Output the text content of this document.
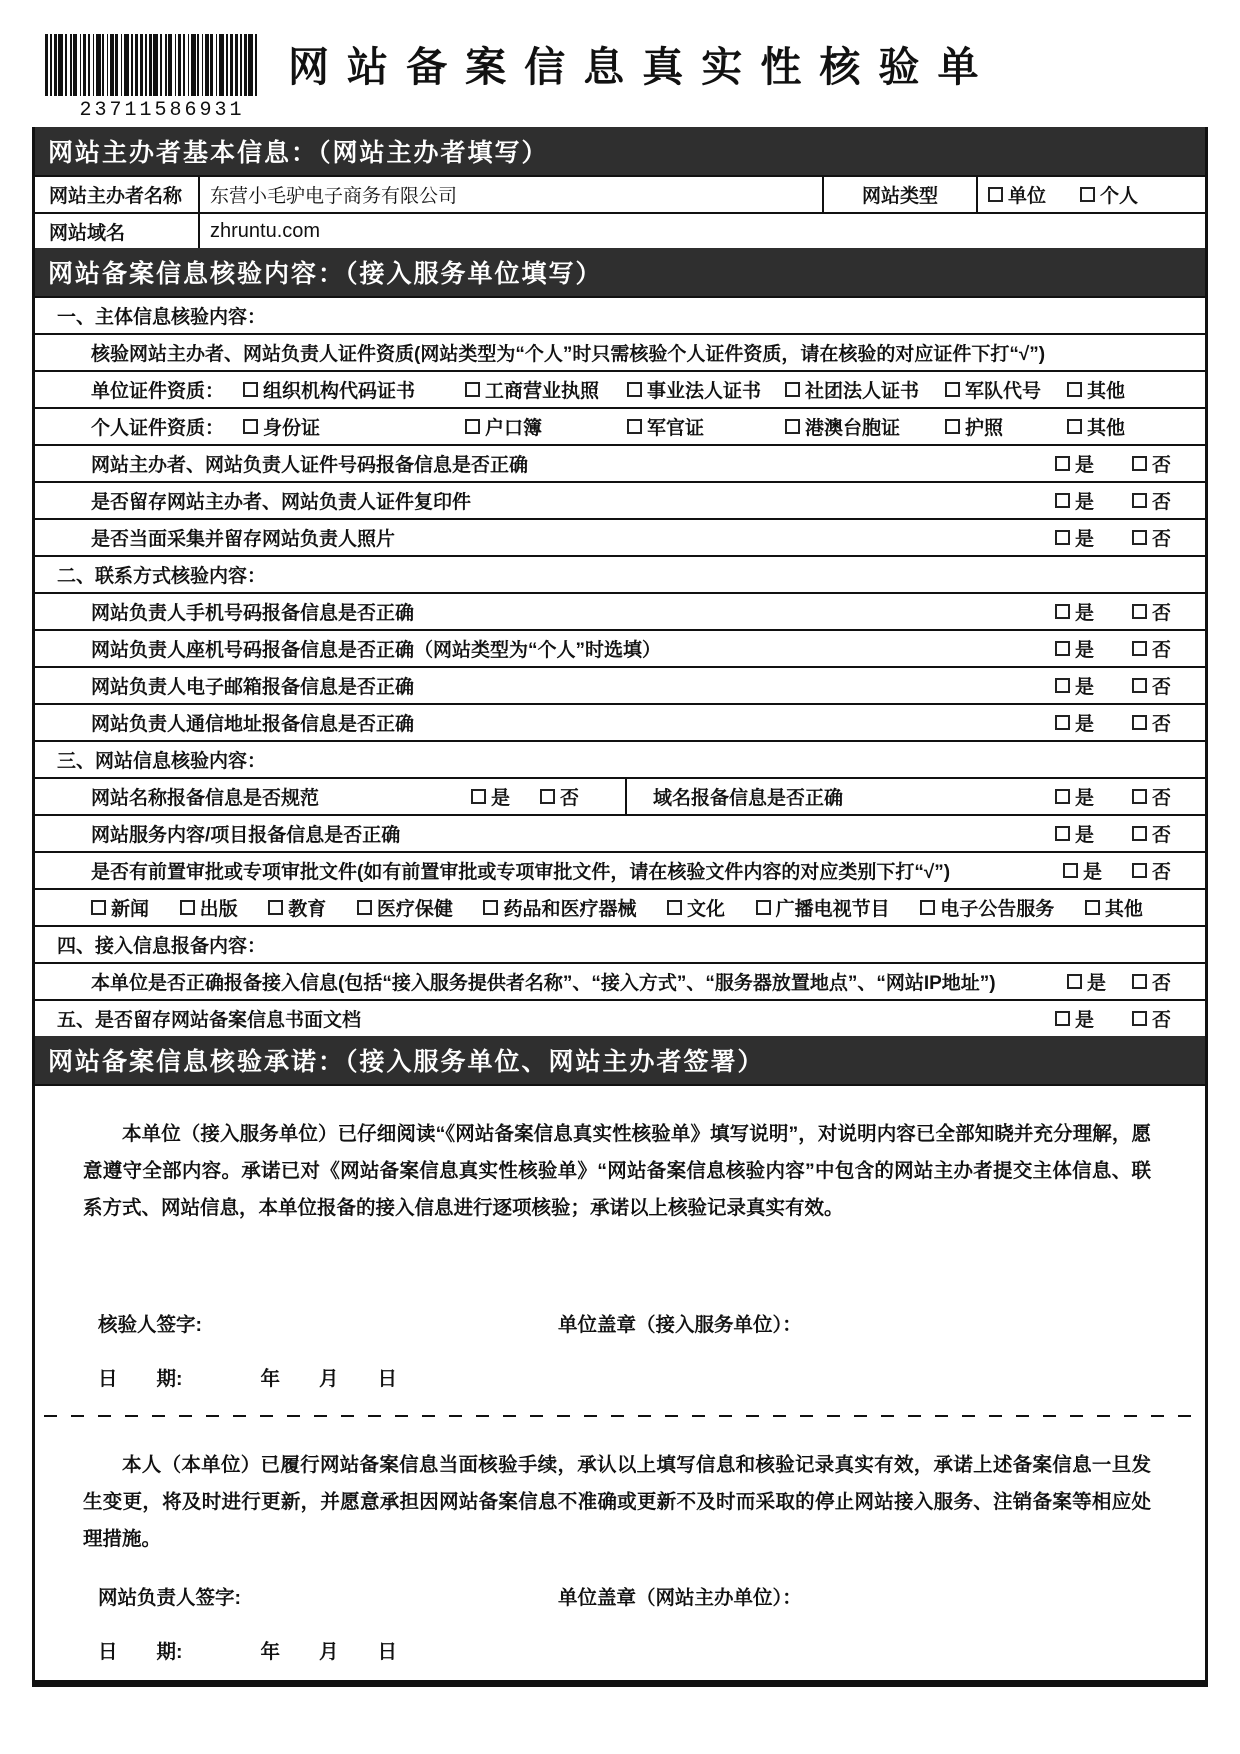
23711586931
网站备案信息真实性核验单
网站主办者基本信息：（网站主办者填写）
网站主办者名称	东营小毛驴电子商务有限公司	网站类型	单位	个人
网站域名	zhruntu.com
网站备案信息核验内容：（接入服务单位填写）
一、主体信息核验内容：
核验网站主办者、网站负责人证件资质(网站类型为“个人”时只需核验个人证件资质，请在核验的对应证件下打“√”)
单位证件资质：	组织机构代码证书	工商营业执照	事业法人证书 社团法人证书 军队代号 其他
个人证件资质：	身份证	户口簿	军官证	港澳台胞证	护照	其他
网站主办者、网站负责人证件号码报备信息是否正确	是	否
是否留存网站主办者、网站负责人证件复印件	是	否
是否当面采集并留存网站负责人照片	是	否
二、联系方式核验内容：
网站负责人手机号码报备信息是否正确	是	否
网站负责人座机号码报备信息是否正确（网站类型为“个人”时选填）	是	否
网站负责人电子邮箱报备信息是否正确	是	否
网站负责人通信地址报备信息是否正确	是	否
三、网站信息核验内容：
网站名称报备信息是否规范	是	否	域名报备信息是否正确	是	否
网站服务内容/项目报备信息是否正确	是	否
是否有前置审批或专项审批文件(如有前置审批或专项审批文件，请在核验文件内容的对应类别下打“√”)	是	否
新闻	出版	教育	医疗保健	药品和医疗器械	文化	广播电视节目	电子公告服务	其他
四、接入信息报备内容：
本单位是否正确报备接入信息(包括“接入服务提供者名称”、“接入方式”、“服务器放置地点”、“网站IP地址”)	是 否
五、是否留存网站备案信息书面文档	是	否
网站备案信息核验承诺：（接入服务单位、网站主办者签署）

本单位（接入服务单位）已仔细阅读“《网站备案信息真实性核验单》填写说明”，对说明内容已全部知晓并充分理解，愿意遵守全部内容。承诺已对《网站备案信息真实性核验单》“网站备案信息核验内容”中包含的网站主办者提交主体信息、联系方式、网站信息，本单位报备的接入信息进行逐项核验；承诺以上核验记录真实有效。

核验人签字:	单位盖章（接入服务单位）：
日　　期:　　　　年　　月　　日

本人（本单位）已履行网站备案信息当面核验手续，承认以上填写信息和核验记录真实有效，承诺上述备案信息一旦发生变更，将及时进行更新，并愿意承担因网站备案信息不准确或更新不及时而采取的停止网站接入服务、注销备案等相应处理措施。

网站负责人签字:	单位盖章（网站主办单位）：
日　　期:　　　　年　　月　　日
